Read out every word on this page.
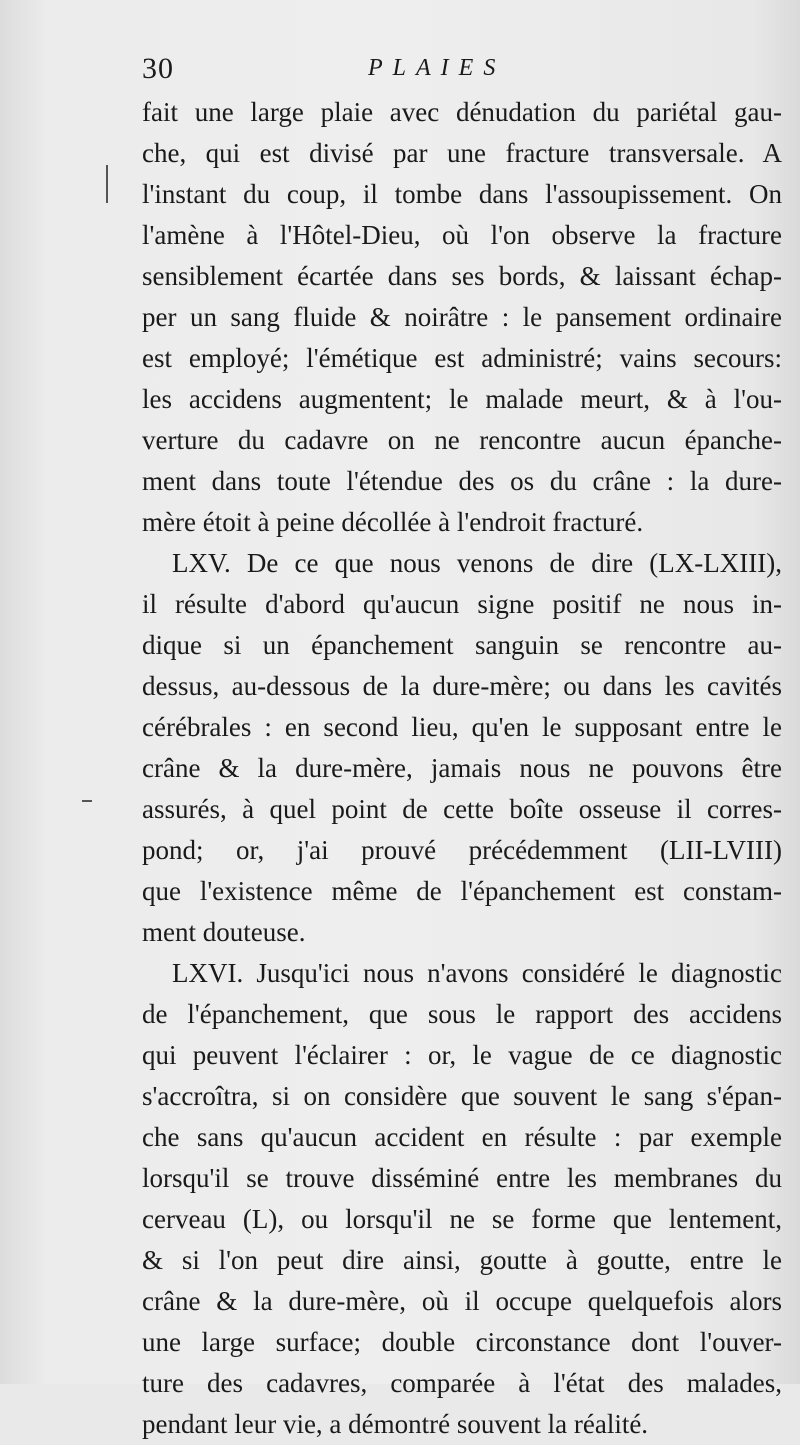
30	PLAIES
fait une large plaie avec dénudation du pariétal gau-
che, qui est divisé par une fracture transversale. A
l'instant du coup, il tombe dans l'assoupissement. On
l'amène à l'Hôtel-Dieu, où l'on observe la fracture
sensiblement écartée dans ses bords, & laissant échap-
per un sang fluide & noirâtre : le pansement ordinaire
est employé; l'émétique est administré; vains secours:
les accidens augmentent; le malade meurt, & à l'ou-
verture du cadavre on ne rencontre aucun épanche-
ment dans toute l'étendue des os du crâne : la dure-
mère étoit à peine décollée à l'endroit fracturé.
LXV. De ce que nous venons de dire (LX-LXIII),
il résulte d'abord qu'aucun signe positif ne nous in-
dique si un épanchement sanguin se rencontre au-
dessus, au-dessous de la dure-mère; ou dans les cavités
cérébrales : en second lieu, qu'en le supposant entre le
crâne & la dure-mère, jamais nous ne pouvons être
assurés, à quel point de cette boîte osseuse il corres-
pond; or, j'ai prouvé précédemment (LII-LVIII)
que l'existence même de l'épanchement est constam-
ment douteuse.
LXVI. Jusqu'ici nous n'avons considéré le diagnostic
de l'épanchement, que sous le rapport des accidens
qui peuvent l'éclairer : or, le vague de ce diagnostic
s'accroîtra, si on considère que souvent le sang s'épan-
che sans qu'aucun accident en résulte : par exemple
lorsqu'il se trouve disséminé entre les membranes du
cerveau (L), ou lorsqu'il ne se forme que lentement,
& si l'on peut dire ainsi, goutte à goutte, entre le
crâne & la dure-mère, où il occupe quelquefois alors
une large surface; double circonstance dont l'ouver-
ture des cadavres, comparée à l'état des malades,
pendant leur vie, a démontré souvent la réalité.
